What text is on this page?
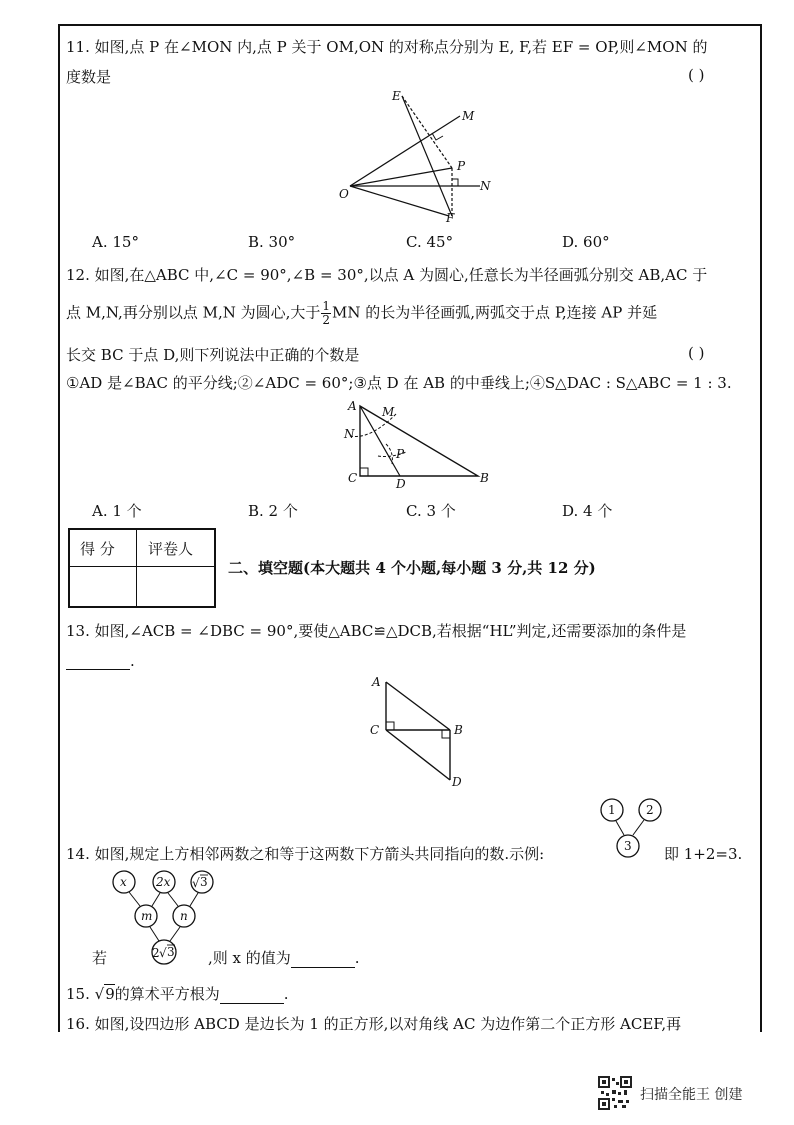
11. 如图,点 P 在∠MON 内,点 P 关于 OM,ON 的对称点分别为 E, F,若 EF = OP,则∠MON 的
度数是	( )
E
M
P
O
N
F
A. 15°	B. 30°	C. 45°	D. 60°
12. 如图,在△ABC 中,∠C = 90°,∠B = 30°,以点 A 为圆心,任意长为半径画弧分别交 AB,AC 于
点 M,N,再分别以点 M,N 为圆心,大于 $\frac{1}{2}MN$ 的长为半径画弧,两弧交于点 P,连接 AP 并延
长交 BC 于点 D,则下列说法中正确的个数是	( )
①AD 是∠BAC 的平分线;②∠ADC = 60°;③点 D 在 AB 的中垂线上;④S△DAC : S△ABC = 1 : 3.
A M
N
P
C	D	B
A. 1 个	B. 2 个	C. 3 个	D. 4 个
得 分 评卷人
二、填空题(本大题共 4 个小题,每小题 3 分,共 12 分)
13. 如图,∠ACB = ∠DBC = 90°,要使△ABC≌△DCB,若根据“HL”判定,还需要添加的条件是
.
A
C	B
D
14. 如图,规定上方相邻两数之和等于这两数下方箭头共同指向的数.示例:
1	2
3 即 1+2=3.
x 2x √ 3
m n
2 √ 3
若	,则 x 的值为	.
15. √9的算术平方根为	.
16. 如图,设四边形 ABCD 是边长为 1 的正方形,以对角线 AC 为边作第二个正方形 ACEF,再
扫描全能王 创建
